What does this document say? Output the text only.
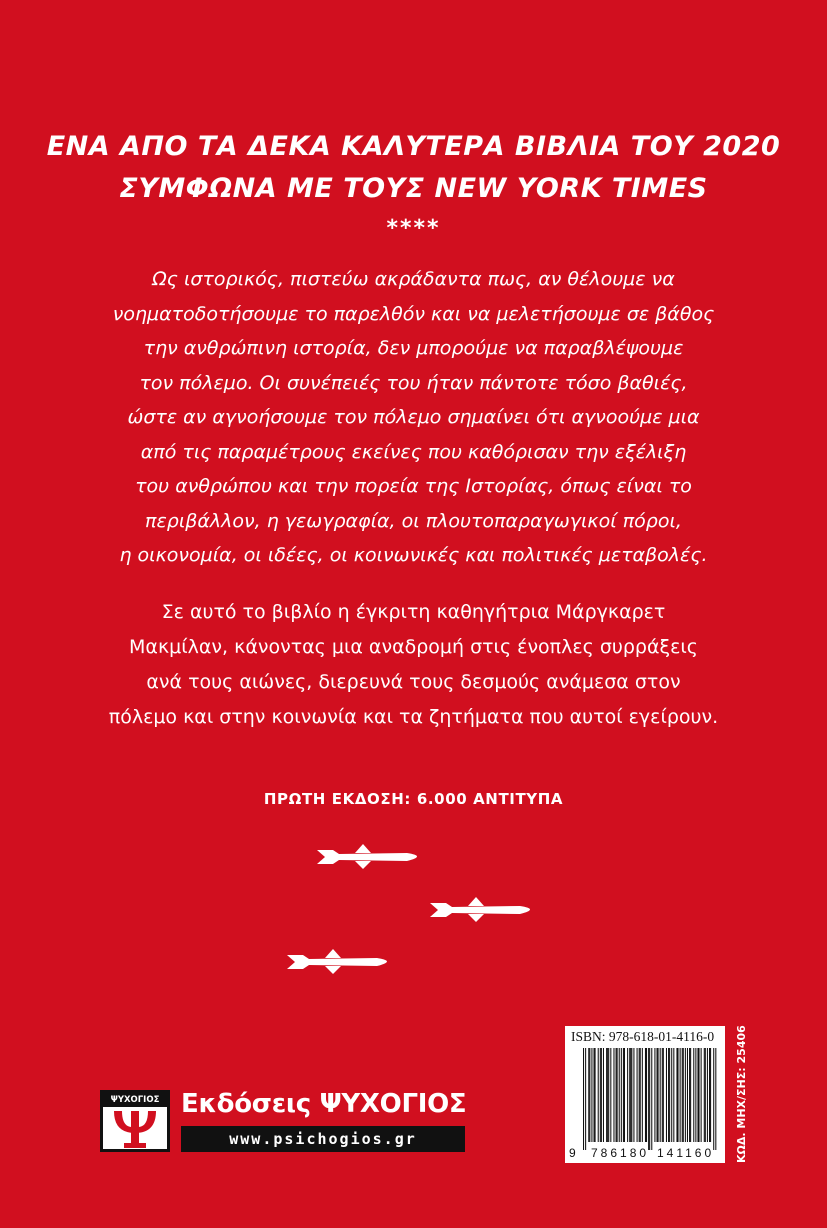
ΕΝΑ ΑΠΟ ΤΑ ΔΕΚΑ ΚΑΛΥΤΕΡΑ ΒΙΒΛΙΑ ΤΟΥ 2020
ΣΥΜΦΩΝΑ ΜΕ ΤΟΥΣ NEW YORK TIMES
****
Ως ιστορικός, πιστεύω ακράδαντα πως, αν θέλουμε να
νοηματοδοτήσουμε το παρελθόν και να μελετήσουμε σε βάθος
την ανθρώπινη ιστορία, δεν μπορούμε να παραβλέψουμε
τον πόλεμο. Οι συνέπειές του ήταν πάντοτε τόσο βαθιές,
ώστε αν αγνοήσουμε τον πόλεμο σημαίνει ότι αγνοούμε μια
από τις παραμέτρους εκείνες που καθόρισαν την εξέλιξη
του ανθρώπου και την πορεία της Ιστορίας, όπως είναι το
περιβάλλον, η γεωγραφία, οι πλουτοπαραγωγικοί πόροι,
η οικονομία, οι ιδέες, οι κοινωνικές και πολιτικές μεταβολές.
Σε αυτό το βιβλίο η έγκριτη καθηγήτρια Μάργκαρετ
Μακμίλαν, κάνοντας μια αναδρομή στις ένοπλες συρράξεις
ανά τους αιώνες, διερευνά τους δεσμούς ανάμεσα στον
πόλεμο και στην κοινωνία και τα ζητήματα που αυτοί εγείρουν.
ΠΡΩΤΗ ΕΚΔΟΣΗ: 6.000 ΑΝΤΙΤΥΠΑ
ISBN: 978-618-01-4116-0
9 786180 141160 ΚΩΔ. ΜΗΧ/ΣΗΣ: 25406
ΨΥΧΟΓΙΟΣ Εκδόσεις ΨΥΧΟΓΙΟΣ
www.psichogios.gr
